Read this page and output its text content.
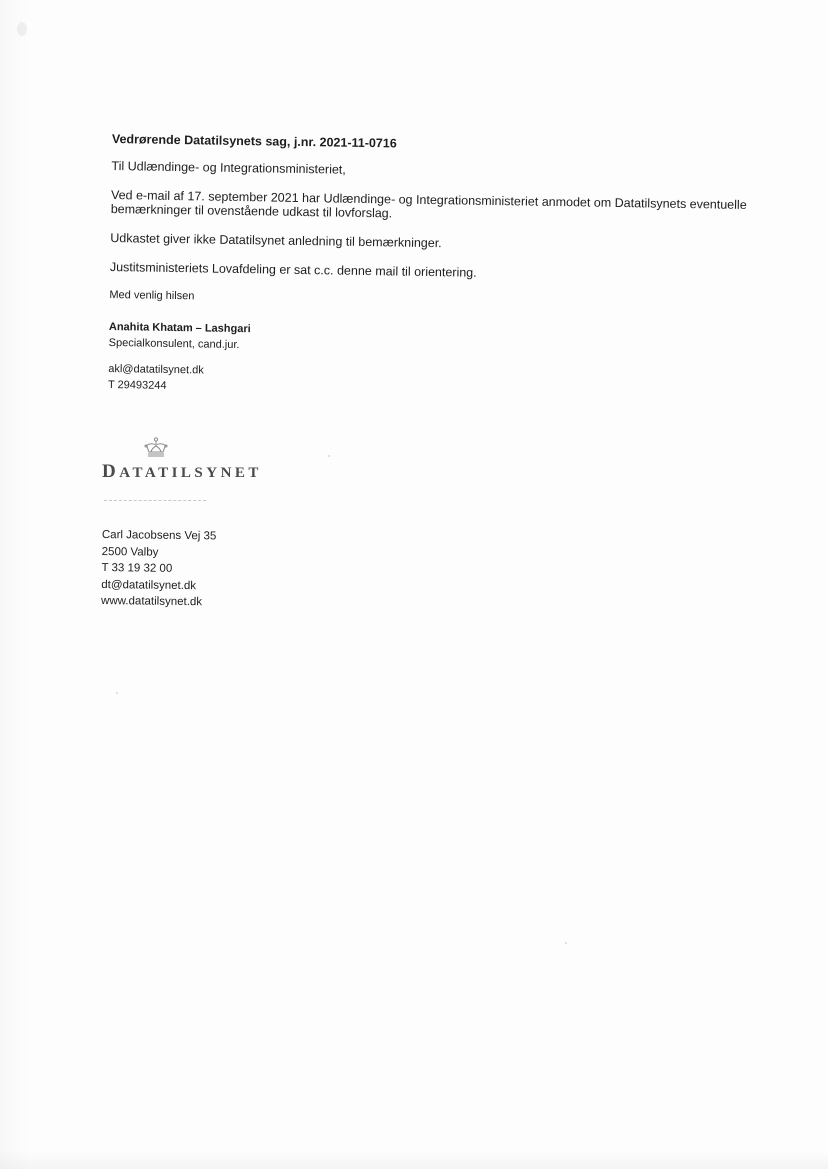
Vedrørende Datatilsynets sag, j.nr. 2021-11-0716
Til Udlændinge- og Integrationsministeriet,
Ved e-mail af 17. september 2021 har Udlændinge- og Integrationsministeriet anmodet om Datatilsynets eventuelle bemærkninger til ovenstående udkast til lovforslag.
Udkastet giver ikke Datatilsynet anledning til bemærkninger.
Justitsministeriets Lovafdeling er sat c.c. denne mail til orientering.
Med venlig hilsen
Anahita Khatam – Lashgari
Specialkonsulent, cand.jur.
akl@datatilsynet.dk
T 29493244
DATATILSYNET
Carl Jacobsens Vej 35
2500 Valby
T 33 19 32 00
dt@datatilsynet.dk
www.datatilsynet.dk
